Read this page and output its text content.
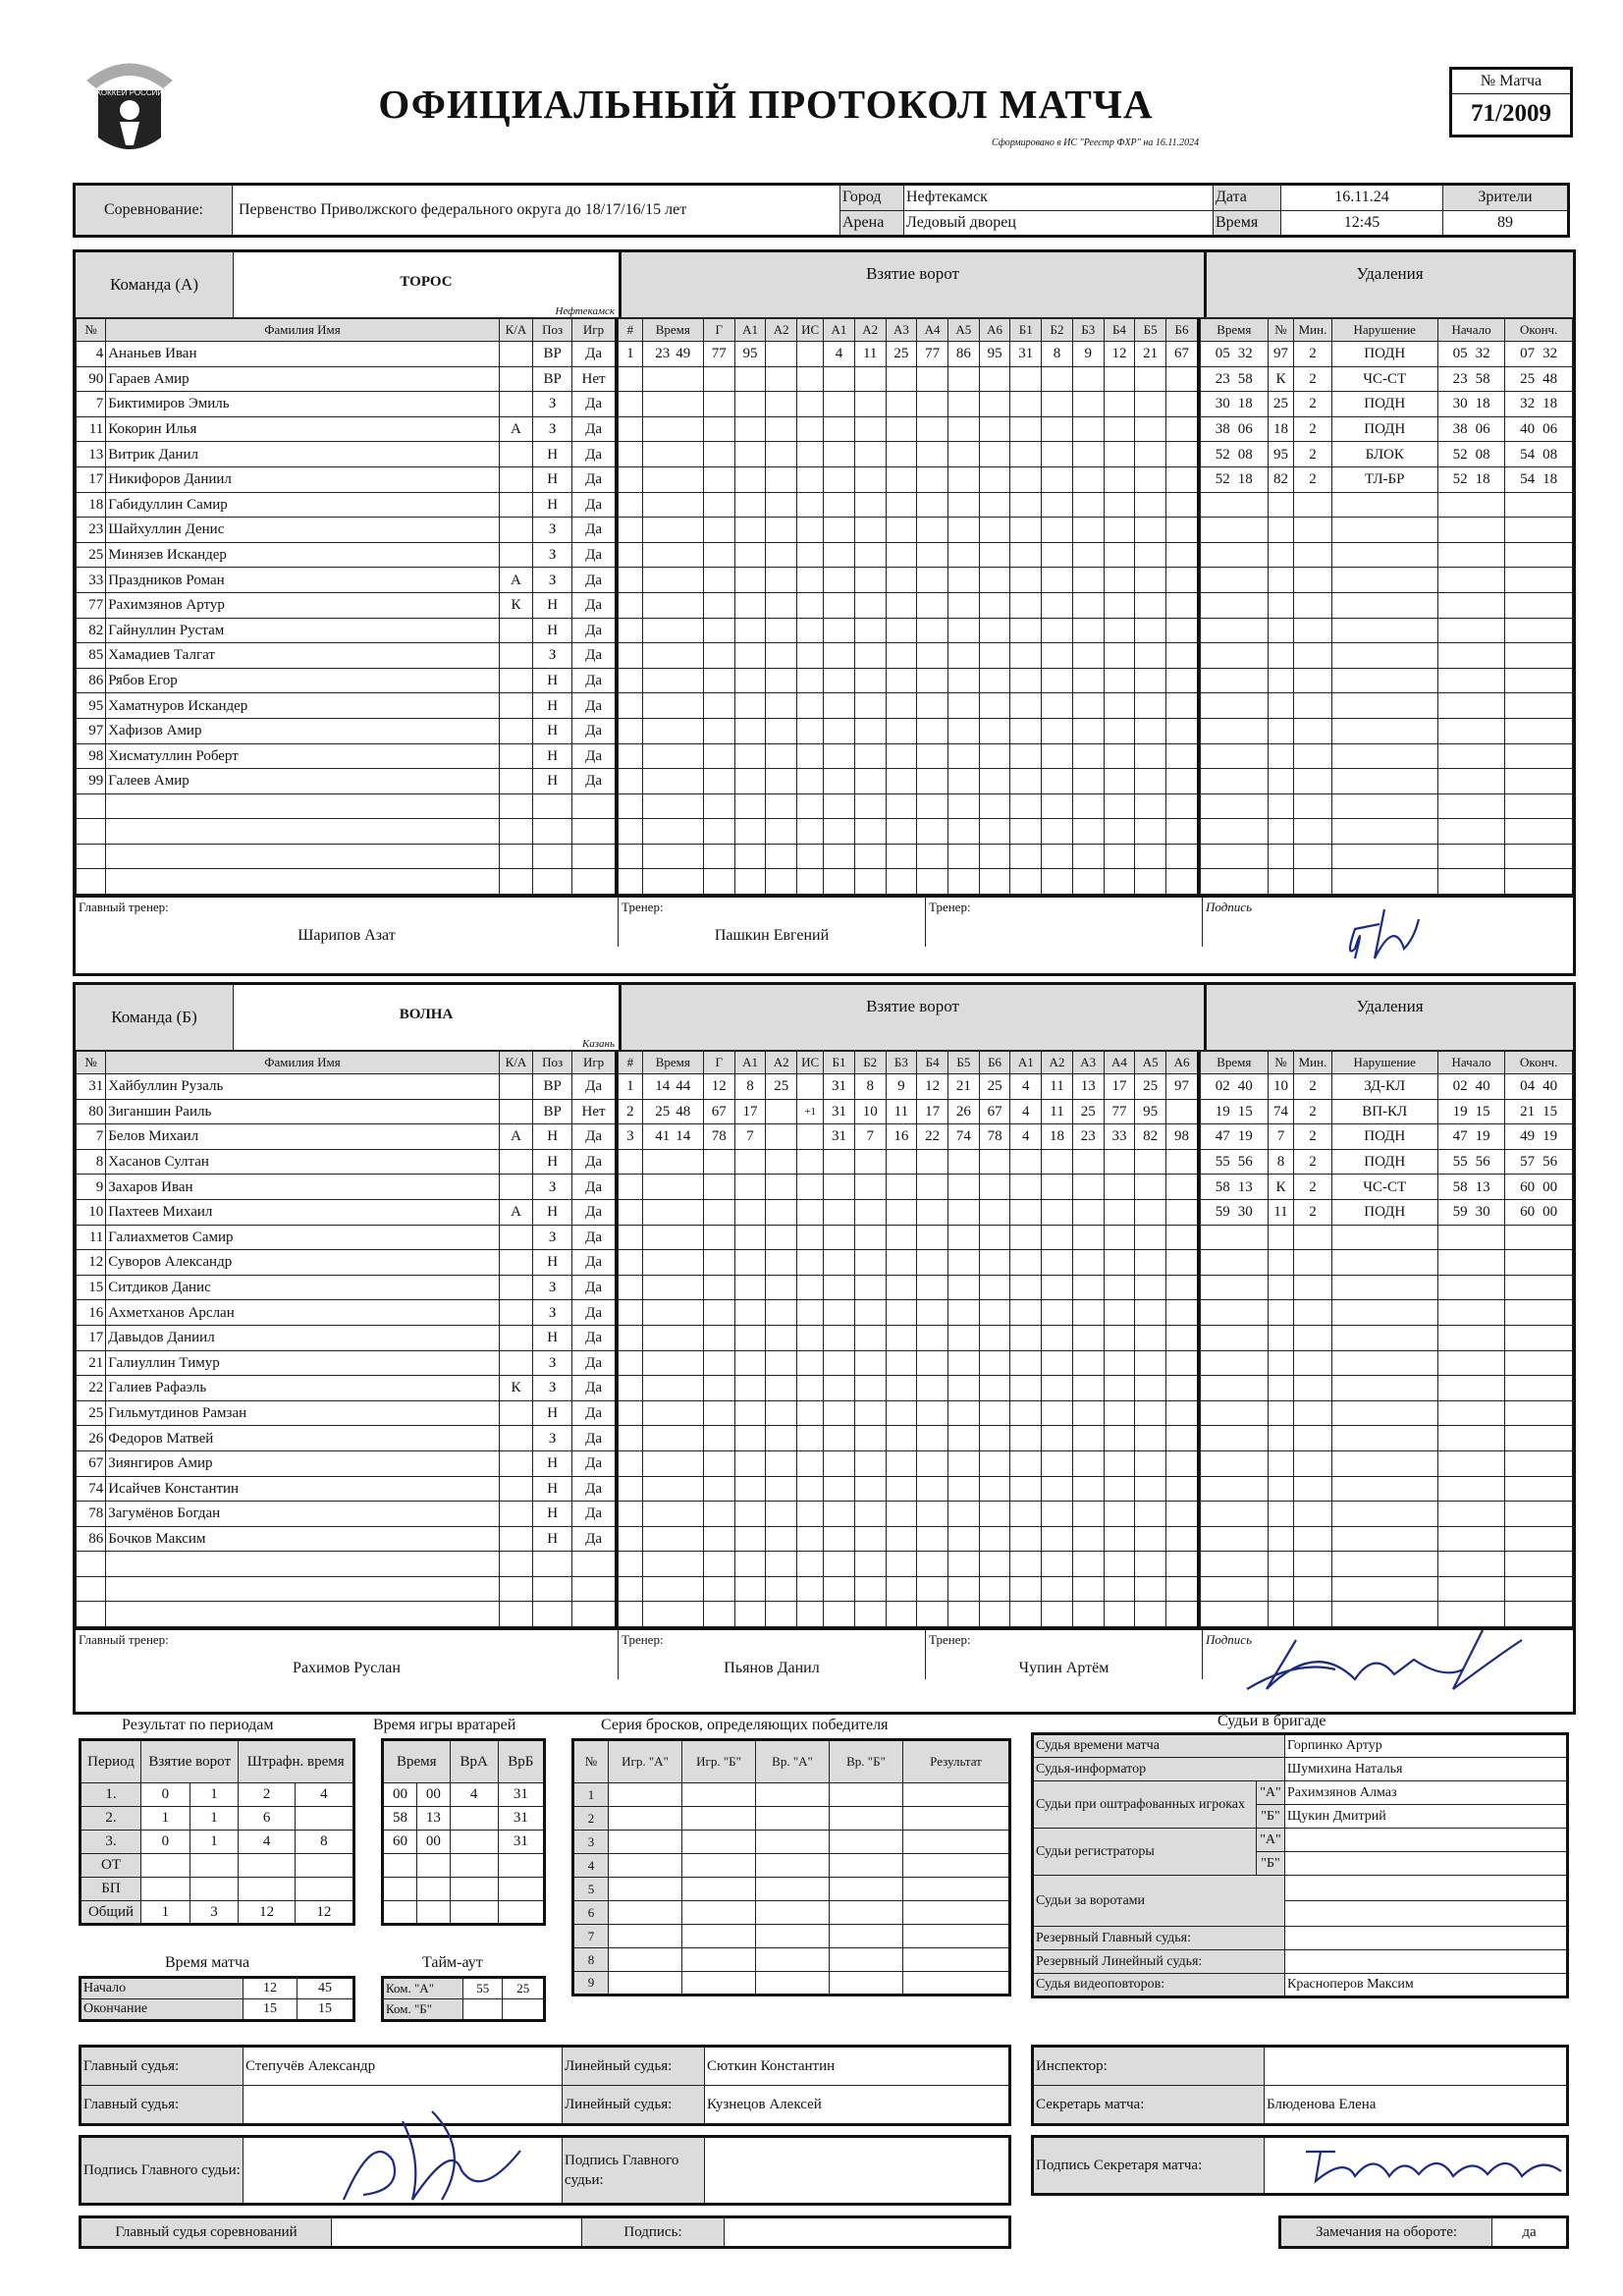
ХОККЕЙ РОССИИ	ОФИЦИАЛЬНЫЙ ПРОТОКОЛ МАТЧА
Сформировано в ИС "Реестр ФХР" на 16.11.2024
№ Матча
71/2009
Соревнование:	Первенство Приволжского федерального округа до 18/17/16/15 лет	Город	Нефтекамск	Дата	16.11.24	Зрители
		Арена	Ледовый дворец	Время	12:45	89
Команда (А)	ТОРОС
Нефтекамск
Взятие ворот	Удаления
№	Фамилия Имя	К/А	Поз	Игр
4	Ананьев Иван		ВР	Да
90	Гараев Амир		ВР	Нет
7	Биктимиров Эмиль		З	Да
11	Кокорин Илья	А	З	Да
13	Витрик Данил		Н	Да
17	Никифоров Даниил		Н	Да
18	Габидуллин Самир		Н	Да
23	Шайхуллин Денис		З	Да
25	Минязев Искандер		З	Да
33	Праздников Роман	А	З	Да
77	Рахимзянов Артур	К	Н	Да
82	Гайнуллин Рустам		Н	Да
85	Хамадиев Талгат		З	Да
86	Рябов Егор		Н	Да
95	Хаматнуров Искандер		Н	Да
97	Хафизов Амир		Н	Да
98	Хисматуллин Роберт		Н	Да
99	Галеев Амир		Н	Да

#	Время	Г	А1	А2	ИС	А1	А2	А3	А4	А5	А6	Б1	Б2	Б3	Б4	Б5	Б6
1	23 49	77	95			4	11	25	77	86	95	31	8	9	12	21	67

Время	№	Мин.	Нарушение	Начало	Оконч.
05 32	97	2	ПОДН	05 32	07 32
23 58	К	2	ЧС-СТ	23 58	25 48
30 18	25	2	ПОДН	30 18	32 18
38 06	18	2	ПОДН	38 06	40 06
52 08	95	2	БЛОК	52 08	54 08
52 18	82	2	ТЛ-БР	52 18	54 18

Главный тренер:
Шарипов Азат
Тренер:
Пашкин Евгений
Тренер:	Подпись
Команда (Б)	ВОЛНА
Казань
Взятие ворот	Удаления
№	Фамилия Имя	К/А	Поз	Игр
31	Хайбуллин Рузаль		ВР	Да
80	Зиганшин Раиль		ВР	Нет
7	Белов Михаил	А	Н	Да
8	Хасанов Султан		Н	Да
9	Захаров Иван		З	Да
10	Пахтеев Михаил	А	Н	Да
11	Галиахметов Самир		З	Да
12	Суворов Александр		Н	Да
15	Ситдиков Данис		З	Да
16	Ахметханов Арслан		З	Да
17	Давыдов Даниил		Н	Да
21	Галиуллин Тимур		З	Да
22	Галиев Рафаэль	К	З	Да
25	Гильмутдинов Рамзан		Н	Да
26	Федоров Матвей		З	Да
67	Зиянгиров Амир		Н	Да
74	Исайчев Константин		Н	Да
78	Загумёнов Богдан		Н	Да
86	Бочков Максим		Н	Да

#	Время	Г	А1	А2	ИС	Б1	Б2	Б3	Б4	Б5	Б6	А1	А2	А3	А4	А5	А6
1	14 44	12	8	25		31	8	9	12	21	25	4	11	13	17	25	97
2	25 48	67	17		+1	31	10	11	17	26	67	4	11	25	77	95	
3	41 14	78	7			31	7	16	22	74	78	4	18	23	33	82	98

Время	№	Мин.	Нарушение	Начало	Оконч.
02 40	10	2	ЗД-КЛ	02 40	04 40
19 15	74	2	ВП-КЛ	19 15	21 15
47 19	7	2	ПОДН	47 19	49 19
55 56	8	2	ПОДН	55 56	57 56
58 13	К	2	ЧС-СТ	58 13	60 00
59 30	11	2	ПОДН	59 30	60 00

Главный тренер:
Рахимов Руслан
Тренер:
Пьянов Данил
Тренер:
Чупин Артём
Подпись
Результат по периодам
Период	Взятие ворот		Штрафн. время	
1.	0	1	2	4
2.	1	1	6	
3.	0	1	4	8
ОТ				
БП				
Общий	1	3	12	12
Время матча
Начало	12	45
Окончание	15	15
Время игры вратарей
Время		ВрА	ВрБ
00	00	4	31
58	13		31
60	00		31

Тайм-аут
Ком. "А"	55	25
Ком. "Б"		
Серия бросков, определяющих победителя
№	Игр. "А"	Игр. "Б"	Вр. "А"	Вр. "Б"	Результат
1					
2					
3					
4					
5					
6					
7					
8					
9					
Судьи в бригаде
Судья времени матча		Горпинко Артур
Судья-информатор		Шумихина Наталья
Судьи при оштрафованных игроках	"А"	Рахимзянов Алмаз
	"Б"	Щукин Дмитрий
Судьи регистраторы	"А"	
	"Б"	
Судьи за воротами		

Резервный Главный судья:		
Резервный Линейный судья:		
Судья видеоповторов:		Красноперов Максим
Главный судья:	Степучёв Александр	Линейный судья:	Сюткин Константин
Главный судья:		Линейный судья:	Кузнецов Алексей
Инспектор:	
Секретарь матча:	Блюденова Елена
Подпись Главного судьи:		Подпись Главного судьи:	
Подпись Секретаря матча:	
Главный судья соревнований		Подпись:		Замечания на обороте:	да
